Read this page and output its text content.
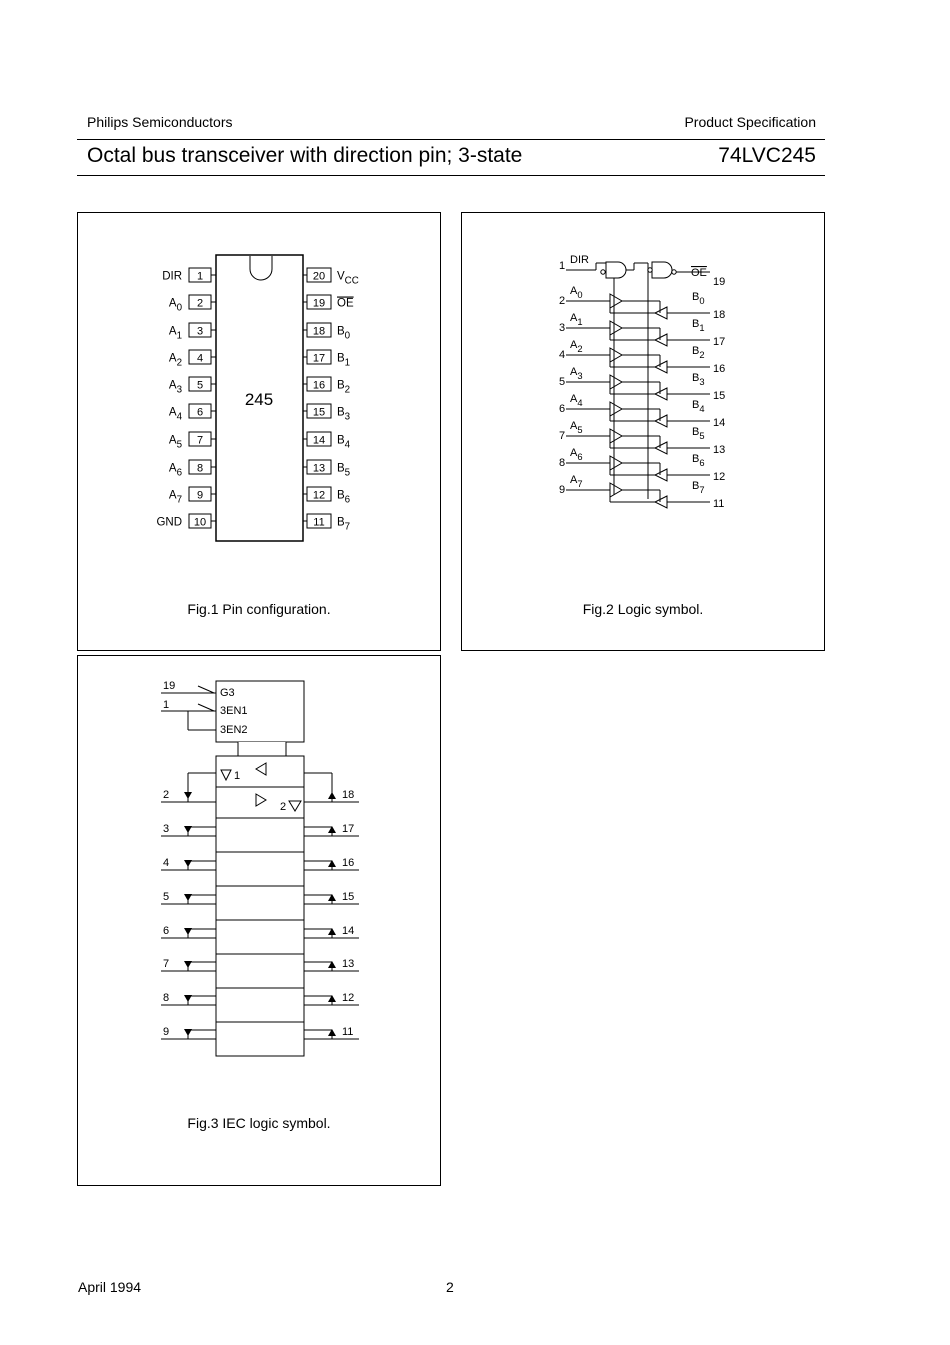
Philips Semiconductors	Product Specification
Octal bus transceiver with direction pin; 3-state	74LVC245
245
1
DIR
2
$A_0$
3
$A_1$
4
$A_2$
5
$A_3$
6
$A_4$
7
$A_5$
8
$A_6$
9
$A_7$
10
GND
20 $V_{CC}$
19 OE
18 $B_0$
17 $B_1$
16 $B_2$
15 $B_3$
14 $B_4$
13 $B_5$
12 $B_6$
11 $B_7$
Fig.1 Pin configuration.
1 DIR
OE
19
2
$A_0$
3
$A_1$
4
$A_2$
5
$A_3$
6
$A_4$
7
$A_5$
8
$A_6$
9
$A_7$
$B_0$
18
$B_1$
17
$B_2$
16
$B_3$
15
$B_4$
14
$B_5$
13
$B_6$
12
$B_7$
11
Fig.2 Logic symbol.
19
1
G3
3EN1
3EN2
1
2
2
3
4
5
6
7
8
9
18
17
16
15
14
13
12
11
Fig.3 IEC logic symbol.
April 1994	2
